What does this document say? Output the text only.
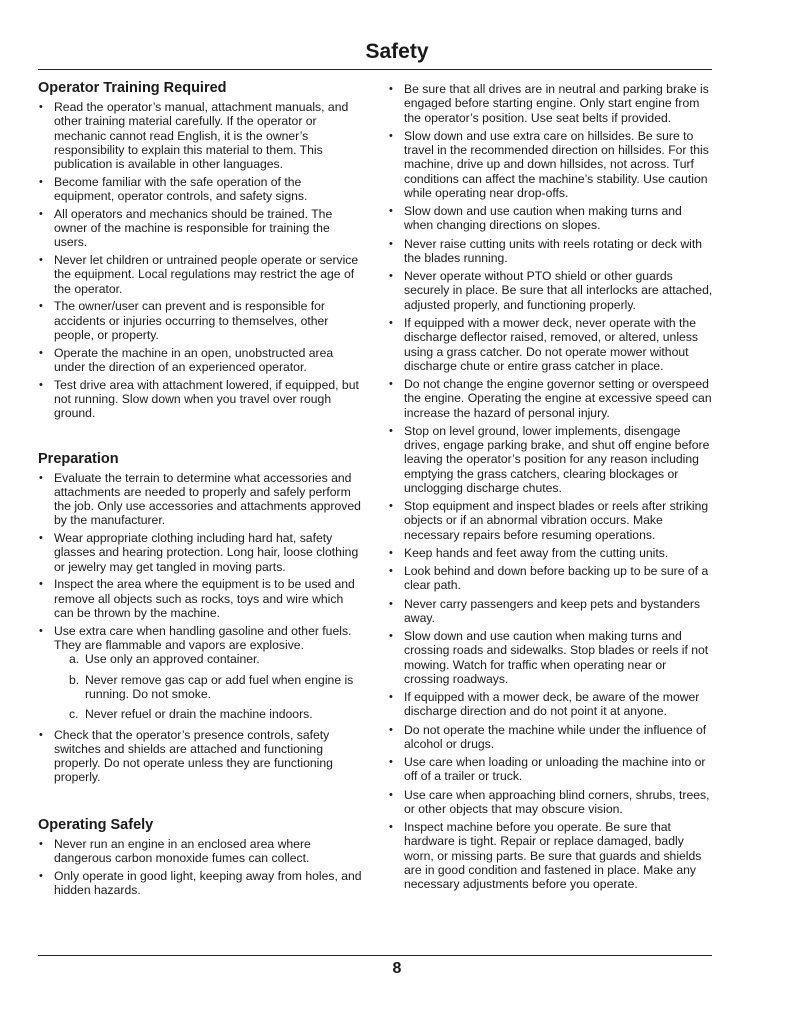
Safety
Operator Training Required
• Read the operator’s manual, attachment manuals, and other training material carefully. If the operator or mechanic cannot read English, it is the owner’s responsibility to explain this material to them. This publication is available in other languages.
• Become familiar with the safe operation of the equipment, operator controls, and safety signs.
• All operators and mechanics should be trained. The owner of the machine is responsible for training the users.
• Never let children or untrained people operate or service the equipment. Local regulations may restrict the age of the operator.
• The owner/user can prevent and is responsible for accidents or injuries occurring to themselves, other people, or property.
• Operate the machine in an open, unobstructed area under the direction of an experienced operator.
• Test drive area with attachment lowered, if equipped, but not running. Slow down when you travel over rough ground.
Preparation
• Evaluate the terrain to determine what accessories and attachments are needed to properly and safely perform the job. Only use accessories and attachments approved by the manufacturer.
• Wear appropriate clothing including hard hat, safety glasses and hearing protection. Long hair, loose clothing or jewelry may get tangled in moving parts.
• Inspect the area where the equipment is to be used and remove all objects such as rocks, toys and wire which can be thrown by the machine.
• Use extra care when handling gasoline and other fuels. They are flammable and vapors are explosive.
a. Use only an approved container.
b. Never remove gas cap or add fuel when engine is running. Do not smoke.
c. Never refuel or drain the machine indoors.
• Check that the operator’s presence controls, safety switches and shields are attached and functioning properly. Do not operate unless they are functioning properly.
Operating Safely
• Never run an engine in an enclosed area where dangerous carbon monoxide fumes can collect.
• Only operate in good light, keeping away from holes, and hidden hazards.
• Be sure that all drives are in neutral and parking brake is engaged before starting engine. Only start engine from the operator’s position. Use seat belts if provided.
• Slow down and use extra care on hillsides. Be sure to travel in the recommended direction on hillsides. For this machine, drive up and down hillsides, not across. Turf conditions can affect the machine’s stability. Use caution while operating near drop-offs.
• Slow down and use caution when making turns and when changing directions on slopes.
• Never raise cutting units with reels rotating or deck with the blades running.
• Never operate without PTO shield or other guards securely in place. Be sure that all interlocks are attached, adjusted properly, and functioning properly.
• If equipped with a mower deck, never operate with the discharge deflector raised, removed, or altered, unless using a grass catcher. Do not operate mower without discharge chute or entire grass catcher in place.
• Do not change the engine governor setting or overspeed the engine. Operating the engine at excessive speed can increase the hazard of personal injury.
• Stop on level ground, lower implements, disengage drives, engage parking brake, and shut off engine before leaving the operator’s position for any reason including emptying the grass catchers, clearing blockages or unclogging discharge chutes.
• Stop equipment and inspect blades or reels after striking objects or if an abnormal vibration occurs. Make necessary repairs before resuming operations.
• Keep hands and feet away from the cutting units.
• Look behind and down before backing up to be sure of a clear path.
• Never carry passengers and keep pets and bystanders away.
• Slow down and use caution when making turns and crossing roads and sidewalks. Stop blades or reels if not mowing. Watch for traffic when operating near or crossing roadways.
• If equipped with a mower deck, be aware of the mower discharge direction and do not point it at anyone.
• Do not operate the machine while under the influence of alcohol or drugs.
• Use care when loading or unloading the machine into or off of a trailer or truck.
• Use care when approaching blind corners, shrubs, trees, or other objects that may obscure vision.
• Inspect machine before you operate. Be sure that hardware is tight. Repair or replace damaged, badly worn, or missing parts. Be sure that guards and shields are in good condition and fastened in place. Make any necessary adjustments before you operate.
8
